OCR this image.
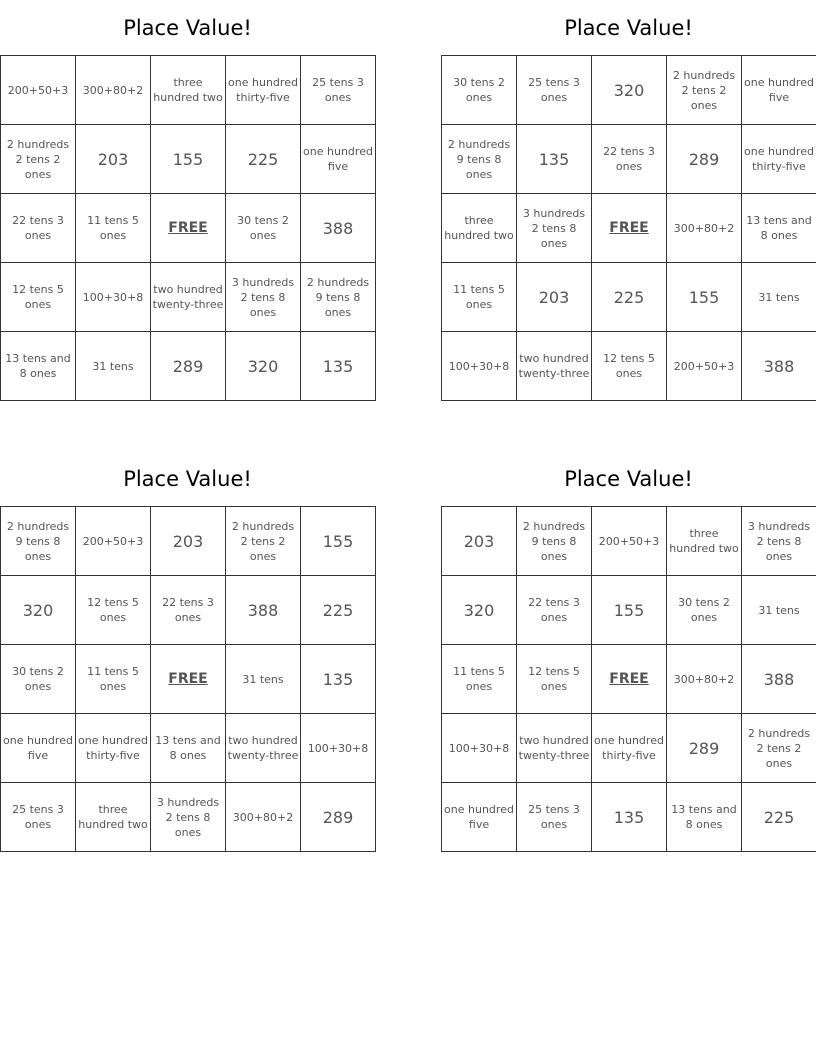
Place Value!
200+50+3	300+80+2	three hundred two	one hundred thirty-five	25 tens 3 ones
2 hundreds 2 tens 2 ones	203	155	225	one hundred five
22 tens 3 ones	11 tens 5 ones	FREE	30 tens 2 ones	388
12 tens 5 ones	100+30+8	two hundred twenty-three	3 hundreds 2 tens 8 ones	2 hundreds 9 tens 8 ones
13 tens and 8 ones	31 tens	289	320	135
Place Value!
30 tens 2 ones	25 tens 3 ones	320	2 hundreds 2 tens 2 ones	one hundred five
2 hundreds 9 tens 8 ones	135	22 tens 3 ones	289	one hundred thirty-five
three hundred two	3 hundreds 2 tens 8 ones	FREE	300+80+2	13 tens and 8 ones
11 tens 5 ones	203	225	155	31 tens
100+30+8	two hundred twenty-three	12 tens 5 ones	200+50+3	388
Place Value!
2 hundreds 9 tens 8 ones	200+50+3	203	2 hundreds 2 tens 2 ones	155
320	12 tens 5 ones	22 tens 3 ones	388	225
30 tens 2 ones	11 tens 5 ones	FREE	31 tens	135
one hundred five	one hundred thirty-five	13 tens and 8 ones	two hundred twenty-three	100+30+8
25 tens 3 ones	three hundred two	3 hundreds 2 tens 8 ones	300+80+2	289
Place Value!
203	2 hundreds 9 tens 8 ones	200+50+3	three hundred two	3 hundreds 2 tens 8 ones
320	22 tens 3 ones	155	30 tens 2 ones	31 tens
11 tens 5 ones	12 tens 5 ones	FREE	300+80+2	388
100+30+8	two hundred twenty-three	one hundred thirty-five	289	2 hundreds 2 tens 2 ones
one hundred five	25 tens 3 ones	135	13 tens and 8 ones	225
